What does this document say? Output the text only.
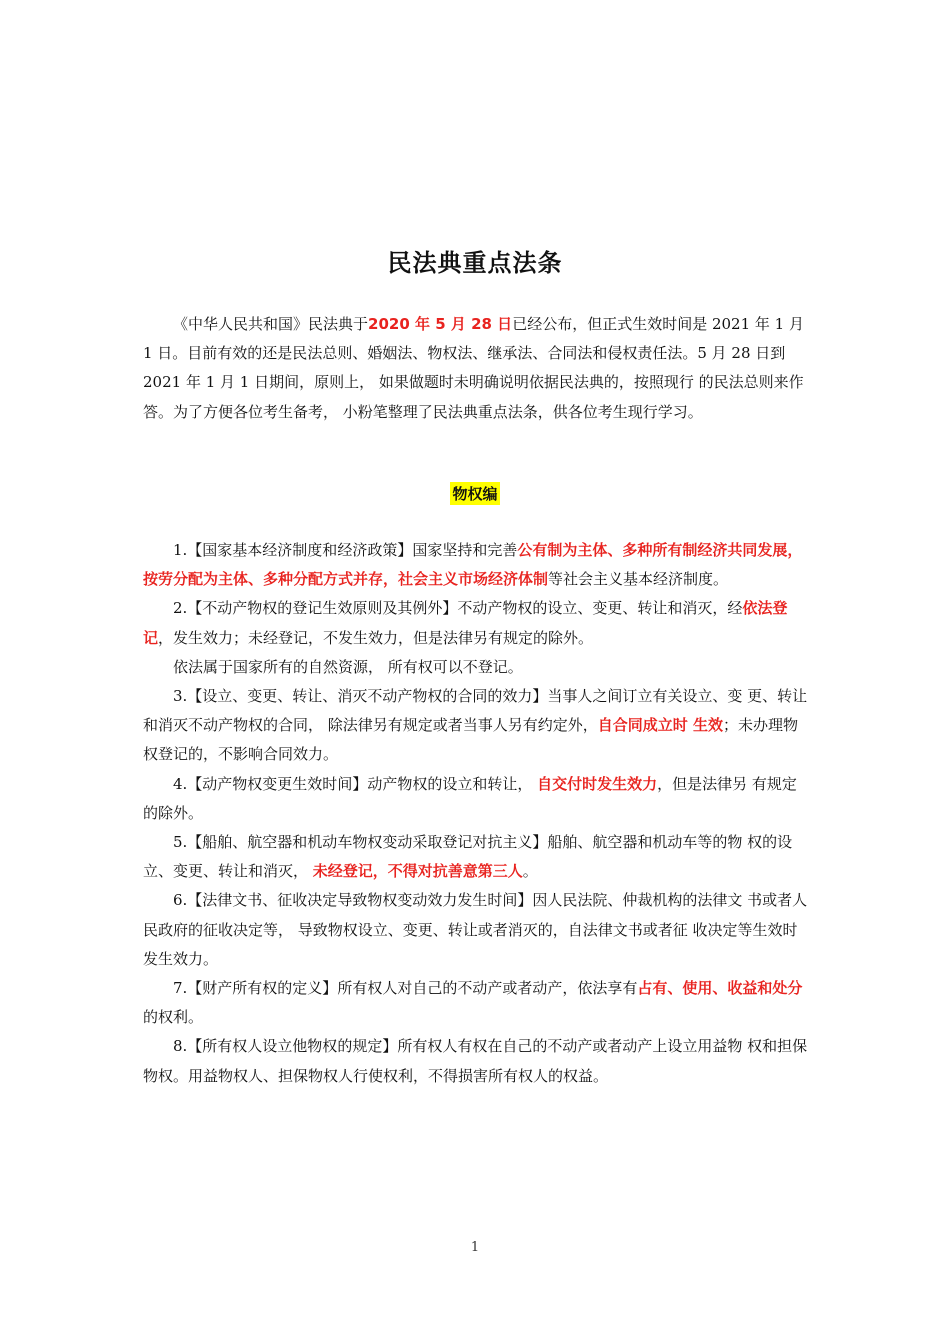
民法典重点法条

《中华人民共和国》民法典于2020 年 5 月 28 日已经公布，但正式生效时间是 2021 年 1 月 1 日。目前有效的还是民法总则、婚姻法、物权法、继承法、合同法和侵权责任法。5 月 28 日到 2021 年 1 月 1 日期间，原则上， 如果做题时未明确说明依据民法典的，按照现行 的民法总则来作答。为了方便各位考生备考， 小粉笔整理了民法典重点法条，供各位考生现行学习。

物权编

1.【国家基本经济制度和经济政策】国家坚持和完善公有制为主体、多种所有制经济共同发展，按劳分配为主体、多种分配方式并存，社会主义市场经济体制等社会主义基本经济制度。

2.【不动产物权的登记生效原则及其例外】不动产物权的设立、变更、转让和消灭，经依法登记，发生效力；未经登记，不发生效力，但是法律另有规定的除外。

依法属于国家所有的自然资源， 所有权可以不登记。

3.【设立、变更、转让、消灭不动产物权的合同的效力】当事人之间订立有关设立、变 更、转让和消灭不动产物权的合同， 除法律另有规定或者当事人另有约定外，自合同成立时 生效；未办理物权登记的，不影响合同效力。

4.【动产物权变更生效时间】动产物权的设立和转让， 自交付时发生效力，但是法律另 有规定的除外。

5.【船舶、航空器和机动车物权变动采取登记对抗主义】船舶、航空器和机动车等的物 权的设立、变更、转让和消灭， 未经登记，不得对抗善意第三人。

6.【法律文书、征收决定导致物权变动效力发生时间】因人民法院、仲裁机构的法律文 书或者人民政府的征收决定等， 导致物权设立、变更、转让或者消灭的，自法律文书或者征 收决定等生效时发生效力。

7.【财产所有权的定义】所有权人对自己的不动产或者动产，依法享有占有、使用、收益和处分的权利。

8.【所有权人设立他物权的规定】所有权人有权在自己的不动产或者动产上设立用益物 权和担保物权。用益物权人、担保物权人行使权利，不得损害所有权人的权益。

1
